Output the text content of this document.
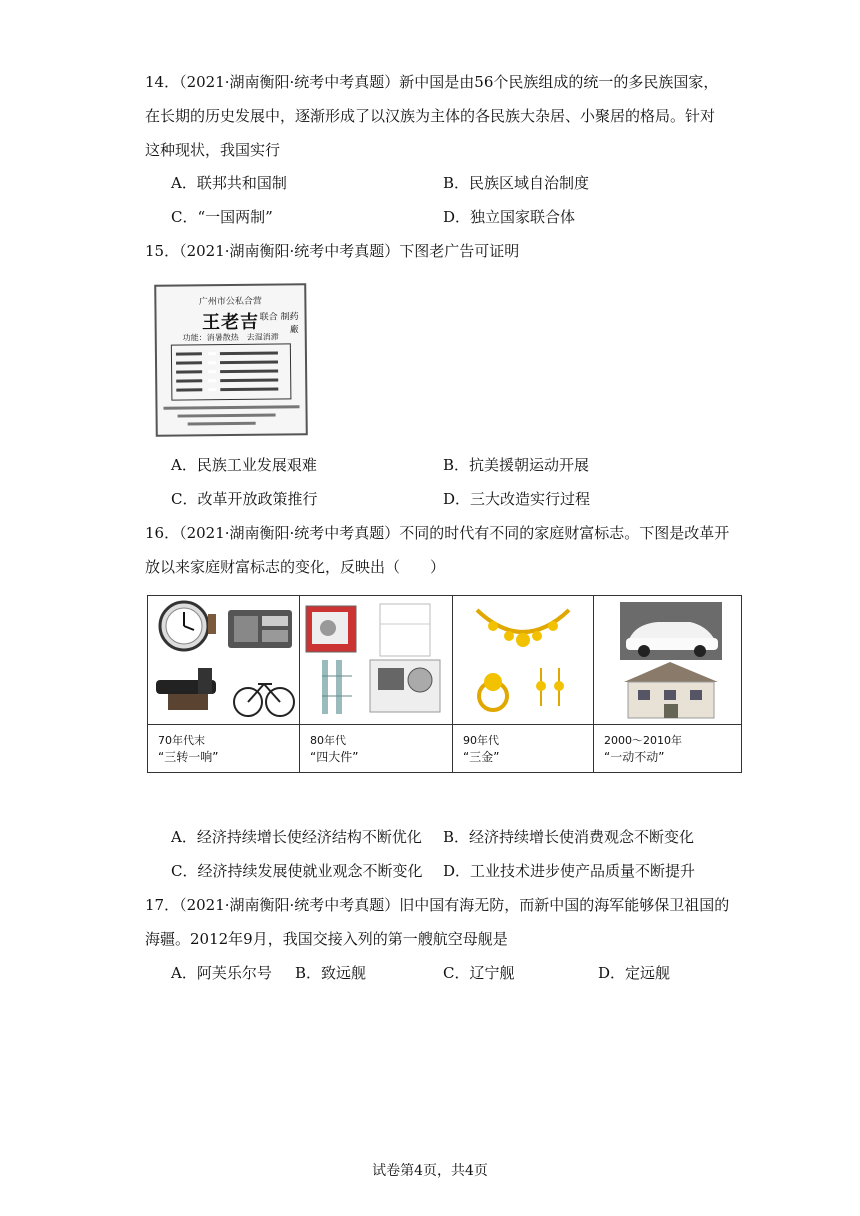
14．（2021·湖南衡阳·统考中考真题）新中国是由56个民族组成的统一的多民族国家，
在长期的历史发展中，逐渐形成了以汉族为主体的各民族大杂居、小聚居的格局。针对
这种现状，我国实行
A．联邦共和国制	B．民族区域自治制度
C．“一国两制”	D．独立国家联合体
15．（2021·湖南衡阳·统考中考真题）下图老广告可证明
广州市公私合营
王老吉 联合 制药 廠
功能：消暑散热　去湿消滞
A．民族工业发展艰难	B．抗美援朝运动开展
C．改革开放政策推行	D．三大改造实行过程
16．（2021·湖南衡阳·统考中考真题）不同的时代有不同的家庭财富标志。下图是改革开
放以来家庭财富标志的变化，反映出（　　）
70年代末
“三转一响”
80年代
“四大件”
90年代
“三金”
2000～2010年
“一动不动”
A．经济持续增长使经济结构不断优化 B．经济持续增长使消费观念不断变化
C．经济持续发展使就业观念不断变化 D．工业技术进步使产品质量不断提升
17．（2021·湖南衡阳·统考中考真题）旧中国有海无防，而新中国的海军能够保卫祖国的
海疆。2012年9月，我国交接入列的第一艘航空母舰是
A．阿芙乐尔号 B．致远舰	C．辽宁舰	D．定远舰
试卷第4页，共4页
